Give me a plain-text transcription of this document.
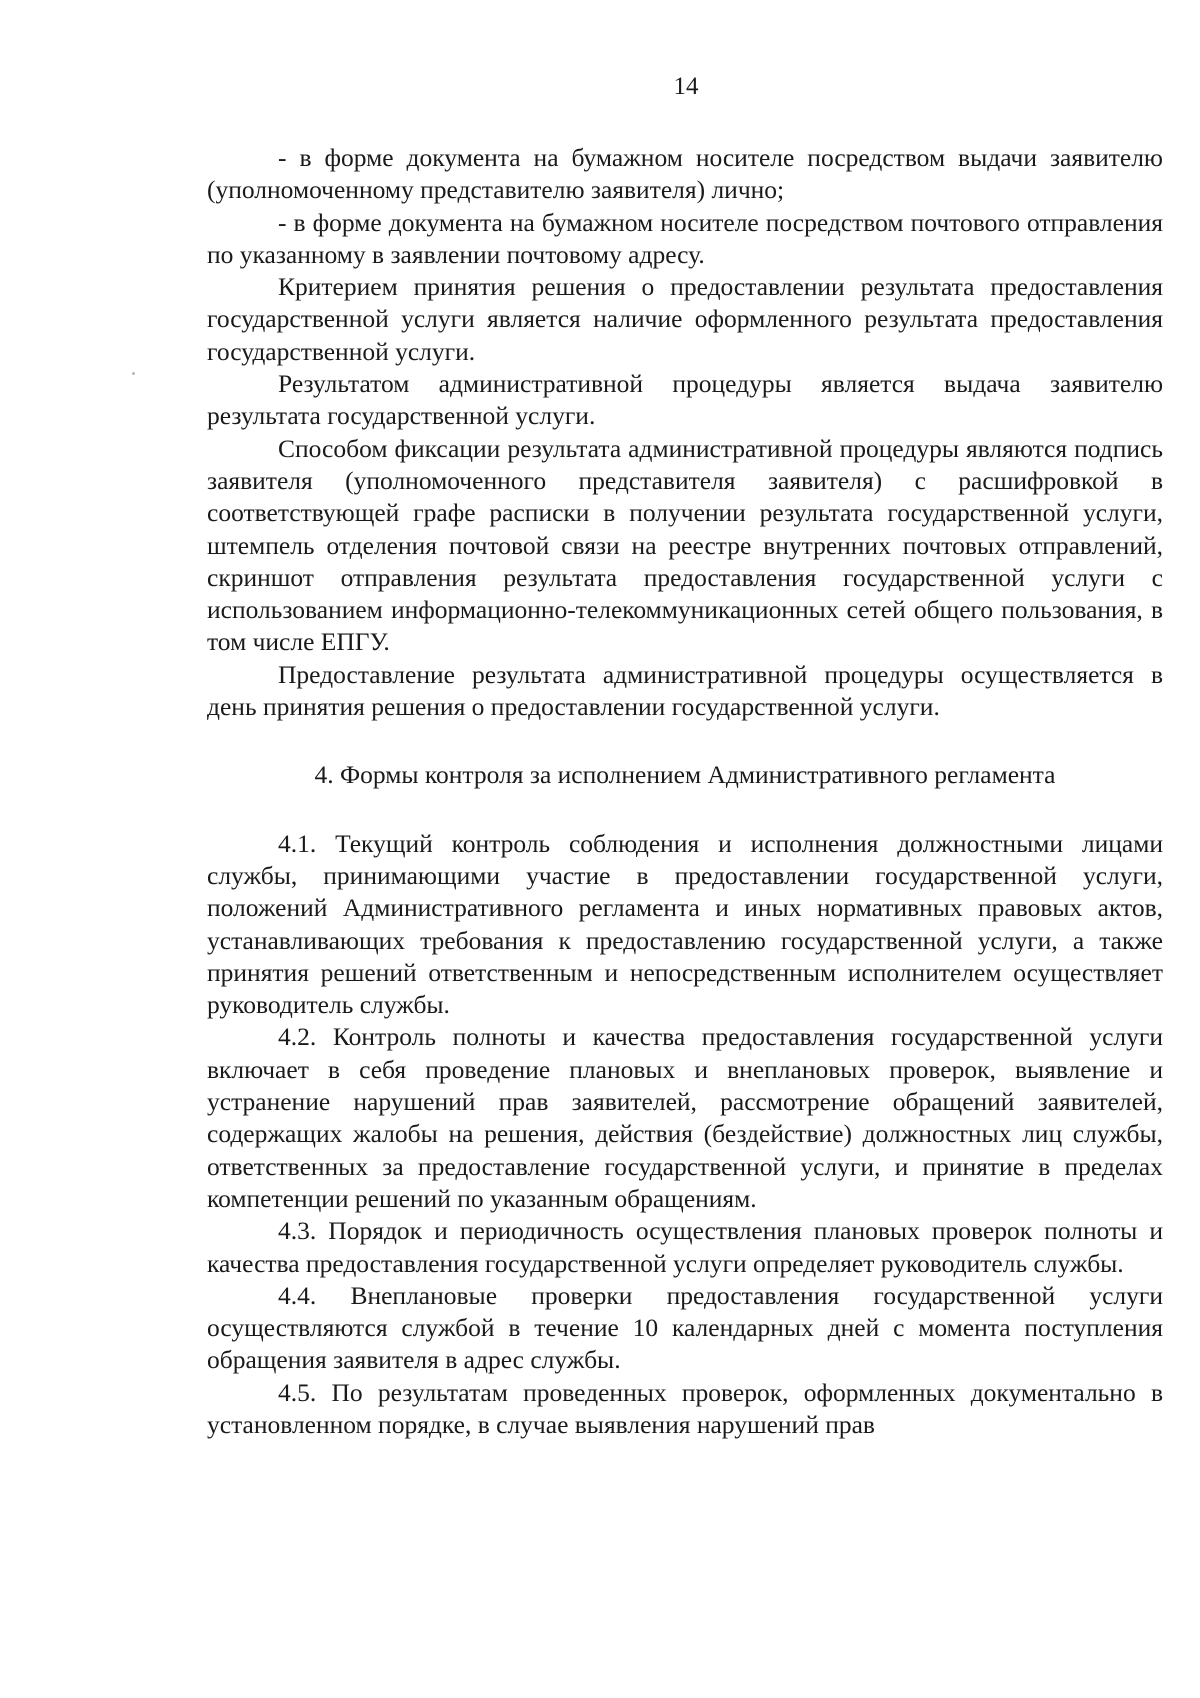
14

- в форме документа на бумажном носителе посредством выдачи заявителю (уполномоченному представителю заявителя) лично;

- в форме документа на бумажном носителе посредством почтового отправления по указанному в заявлении почтовому адресу.

Критерием принятия решения о предоставлении результата предоставления государственной услуги является наличие оформленного результата предоставления государственной услуги.

Результатом административной процедуры является выдача заявителю результата государственной услуги.

Способом фиксации результата административной процедуры являются подпись заявителя (уполномоченного представителя заявителя) с расшифровкой в соответствующей графе расписки в получении результата государственной услуги, штемпель отделения почтовой связи на реестре внутренних почтовых отправлений, скриншот отправления результата предоставления государственной услуги с использованием информационно-телекоммуникационных сетей общего пользования, в том числе ЕПГУ.

Предоставление результата административной процедуры осуществляется в день принятия решения о предоставлении государственной услуги.

4. Формы контроля за исполнением Административного регламента

4.1. Текущий контроль соблюдения и исполнения должностными лицами службы, принимающими участие в предоставлении государственной услуги, положений Административного регламента и иных нормативных правовых актов, устанавливающих требования к предоставлению государственной услуги, а также принятия решений ответственным и непосредственным исполнителем осуществляет руководитель службы.

4.2. Контроль полноты и качества предоставления государственной услуги включает в себя проведение плановых и внеплановых проверок, выявление и устранение нарушений прав заявителей, рассмотрение обращений заявителей, содержащих жалобы на решения, действия (бездействие) должностных лиц службы, ответственных за предоставление государственной услуги, и принятие в пределах компетенции решений по указанным обращениям.

4.3. Порядок и периодичность осуществления плановых проверок полноты и качества предоставления государственной услуги определяет руководитель службы.

4.4. Внеплановые проверки предоставления государственной услуги осуществляются службой в течение 10 календарных дней с момента поступления обращения заявителя в адрес службы.

4.5. По результатам проведенных проверок, оформленных документально в установленном порядке, в случае выявления нарушений прав
